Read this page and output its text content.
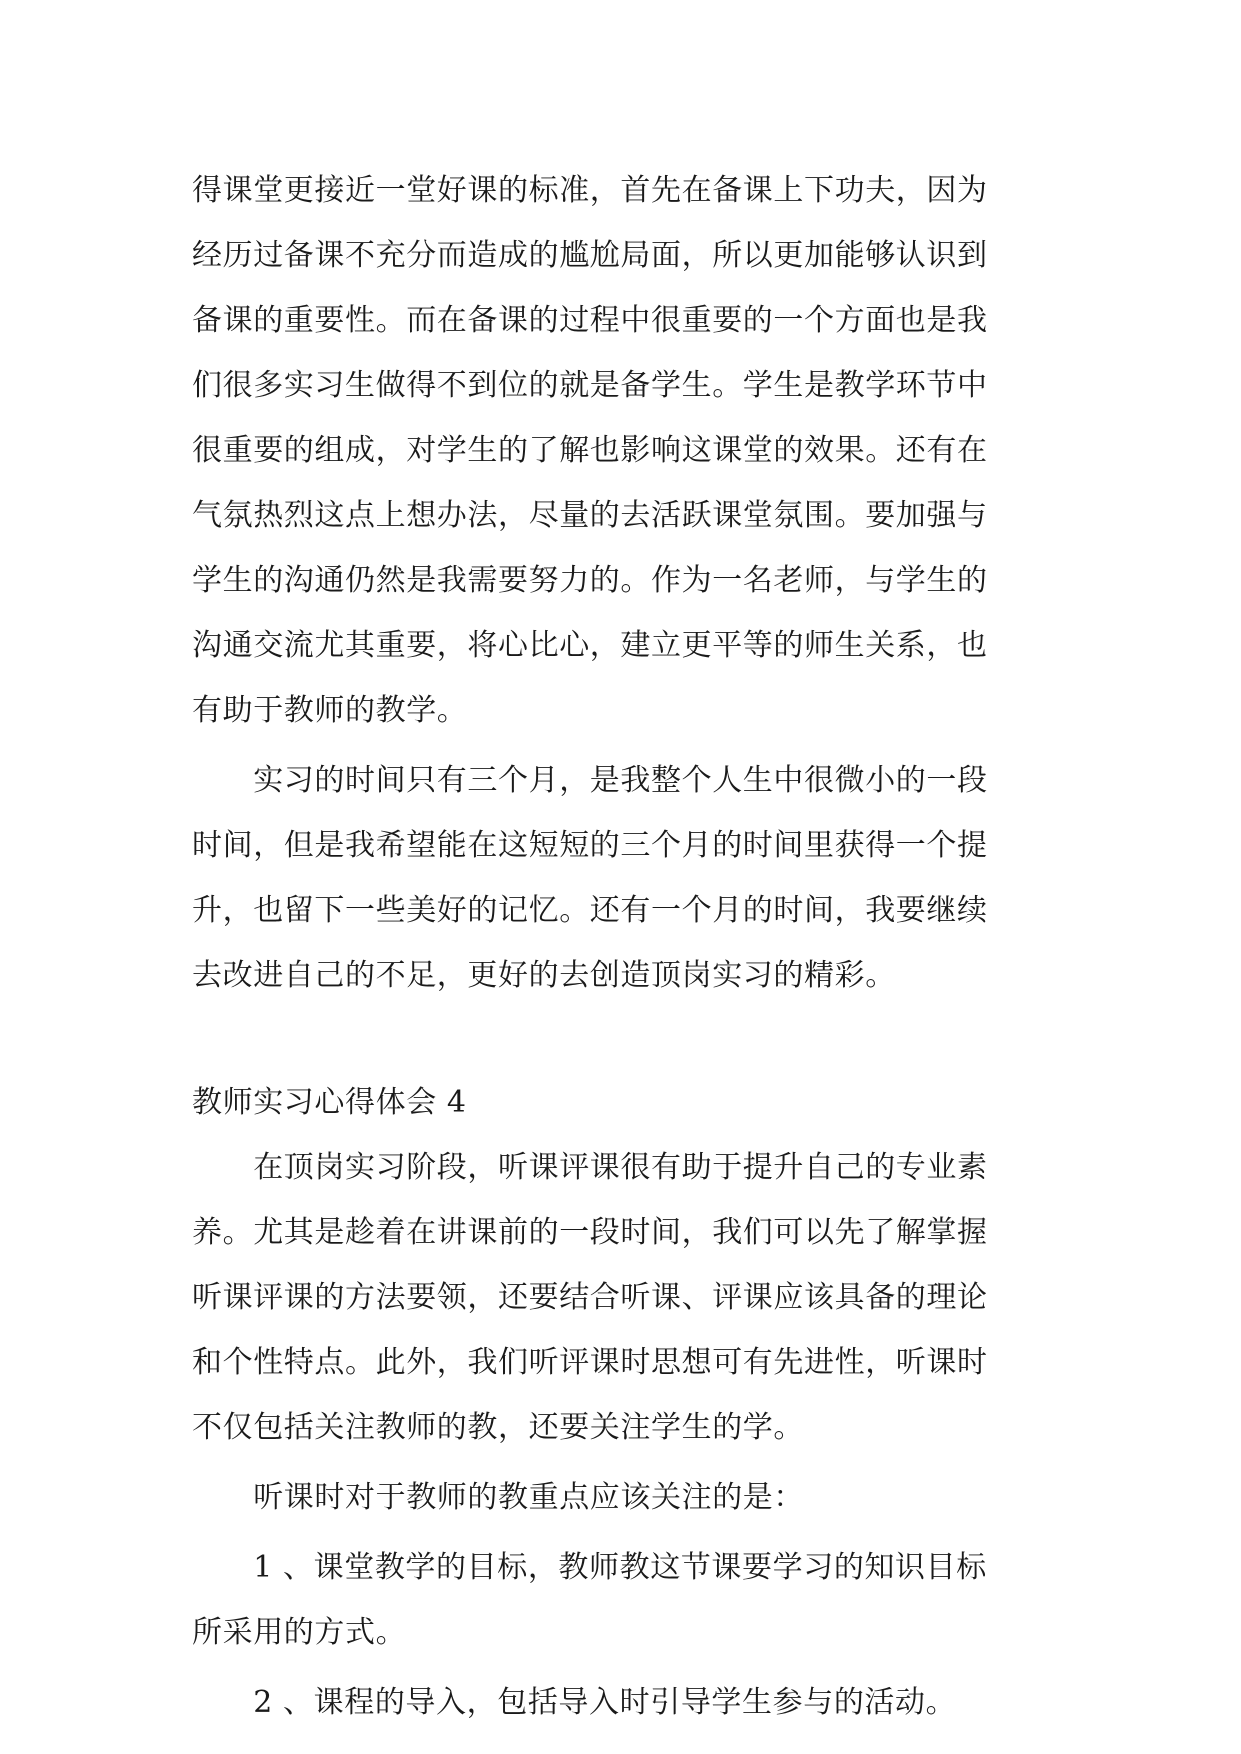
得课堂更接近一堂好课的标准，首先在备课上下功夫，因为
经历过备课不充分而造成的尴尬局面，所以更加能够认识到
备课的重要性。而在备课的过程中很重要的一个方面也是我
们很多实习生做得不到位的就是备学生。学生是教学环节中
很重要的组成，对学生的了解也影响这课堂的效果。还有在
气氛热烈这点上想办法，尽量的去活跃课堂氛围。要加强与
学生的沟通仍然是我需要努力的。作为一名老师，与学生的
沟通交流尤其重要，将心比心，建立更平等的师生关系，也
有助于教师的教学。
　　实习的时间只有三个月，是我整个人生中很微小的一段
时间，但是我希望能在这短短的三个月的时间里获得一个提
升，也留下一些美好的记忆。还有一个月的时间，我要继续
去改进自己的不足，更好的去创造顶岗实习的精彩。
教师实习心得体会 4
　　在顶岗实习阶段，听课评课很有助于提升自己的专业素
养。尤其是趁着在讲课前的一段时间，我们可以先了解掌握
听课评课的方法要领，还要结合听课、评课应该具备的理论
和个性特点。此外，我们听评课时思想可有先进性，听课时
不仅包括关注教师的教，还要关注学生的学。
　　听课时对于教师的教重点应该关注的是：
　　1 、课堂教学的目标，教师教这节课要学习的知识目标
所采用的方式。
　　2 、课程的导入，包括导入时引导学生参与的活动。
